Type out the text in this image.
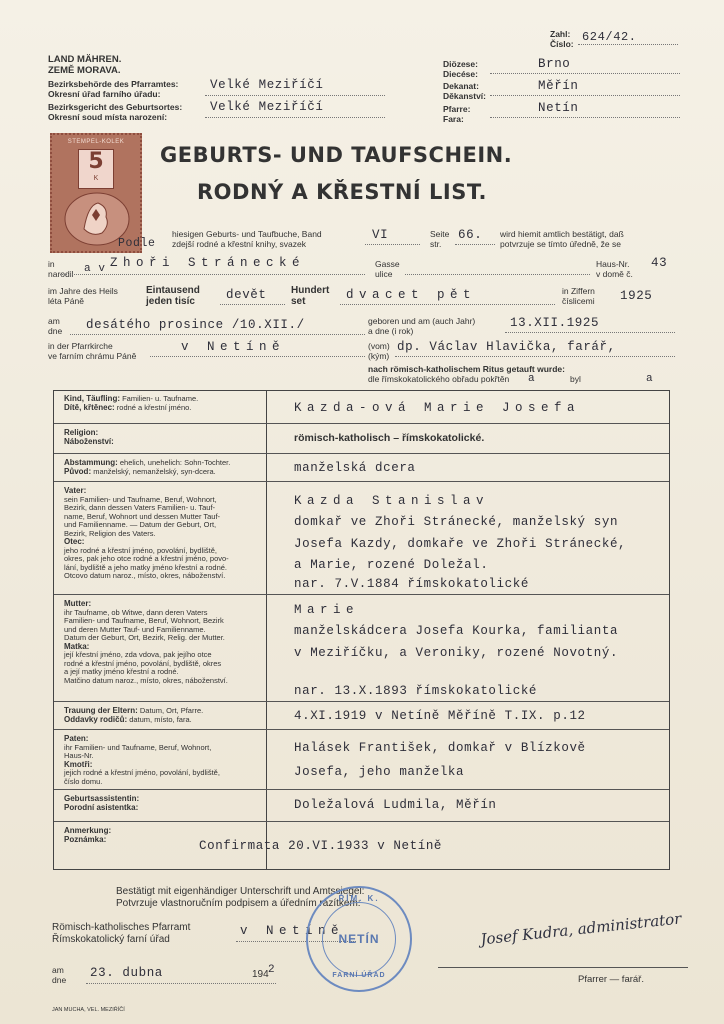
Zahl:
Číslo: 624/42.
LAND MÄHREN.
ZEMĚ MORAVA.
Bezirksbehörde des Pfarramtes:
Okresní úřad farního úřadu:
Velké Meziříčí
Bezirksgericht des Geburtsortes:
Okresní soud místa narození:
Velké Meziříčí
Diözese:
Diecése:
Brno
Dekanat:
Děkanství:
Měřín
Pfarre:
Fara:
Netín
STEMPEL-KOLEK
5
K
GEBURTS- UND TAUFSCHEIN.
RODNÝ A KŘESTNÍ LIST.
Podle
hiesigen Geburts- und Taufbuche, Band
zdejší rodné a křestní knihy, svazek
VI	Seite
str.
66. wird hiemit amtlich bestätigt, daß
potvrzuje se tímto úředně, že se
in
narodil a v Zhoři Stránecké	Gasse
ulice
Haus-Nr.
v domě č.
43
im Jahre des Heils
léta Páně
Eintausend
jeden tisíc devět Hundert
set	dvacet pět	in Ziffern
číslicemi 1925
am
dne desátého prosince /10.XII./	geboren und am (auch Jahr)
a dne (i rok)
13.XII.1925
in der Pfarrkirche
ve farním chrámu Páně
v Netíně	(vom)
(kým)
dp. Václav Hlavička, farář,
nach römisch-katholischem Ritus getauft wurde:
dle římskokatolického obřadu pokřtěn a	byl	a
Kind, Täufling: Familien- u. Taufname.
Dítě, křtěnec: rodné a křestní jméno.	Kazda-ová Marie Josefa
Religion:
Náboženství:	römisch-katholisch – římskokatolické.
Abstammung: ehelich, unehelich: Sohn-Tochter.
Původ: manželský, nemanželský, syn-dcera.	manželská dcera
Vater:
sein Familien- und Taufname, Beruf, Wohnort,
Bezirk, dann dessen Vaters Familien- u. Tauf-
name, Beruf, Wohnort und dessen Mutter Tauf-
und Familienname. — Datum der Geburt, Ort,
Bezirk, Religion des Vaters.
Otec:
jeho rodné a křestní jméno, povolání, bydliště,
okres, pak jeho otce rodné a křestní jméno, povo-
lání, bydliště a jeho matky jméno křestní a rodné.
Otcovo datum naroz., místo, okres, náboženství.
Kazda Stanislav
domkař ve Zhoři Stránecké, manželský syn
Josefa Kazdy, domkaře ve Zhoři Stránecké,
a Marie, rozené Doležal.
nar. 7.V.1884 římskokatolické
Mutter:
ihr Taufname, ob Witwe, dann deren Vaters
Familien- und Taufname, Beruf, Wohnort, Bezirk
und deren Mutter Tauf- und Familienname.
Datum der Geburt, Ort, Bezirk, Relig. der Mutter.
Matka:
její křestní jméno, zda vdova, pak jejího otce
rodné a křestní jméno, povolání, bydliště, okres
a její matky jméno křestní a rodné.
Matčino datum naroz., místo, okres, náboženství.
Marie
manželskádcera Josefa Kourka, familianta
v Meziříčku, a Veroniky, rozené Novotný.
nar. 13.X.1893 římskokatolické
Trauung der Eltern: Datum, Ort, Pfarre.
Oddavky rodičů: datum, místo, fara.	4.XI.1919 v Netíně Měříně T.IX. p.12
Paten:
ihr Familien- und Taufname, Beruf, Wohnort,
Haus-Nr.
Kmotři:
jejich rodné a křestní jméno, povolání, bydliště,
číslo domu.
Halásek František, domkař v Blízkově
Josefa, jeho manželka
Geburtsassistentin:
Porodní asistentka:	Doležalová Ludmila, Měřín
Anmerkung:
Poznámka:	Confirmata 20.VI.1933 v Netíně
Bestätigt mit eigenhändiger Unterschrift und Amtssiegel:
Potvrzuje vlastnoručním podpisem a úředním razítkem:
Römisch-katholisches Pfarramt
Římskokatolický farní úřad
v Netíně
am
dne 23. dubna	194 2
ŘÍM. K.
NETÍN
FARNÍ ÚŘAD
Josef Kudra, administrator
Pfarrer — farář.
JAN MUCHA, VEL. MEZIŘÍČÍ
